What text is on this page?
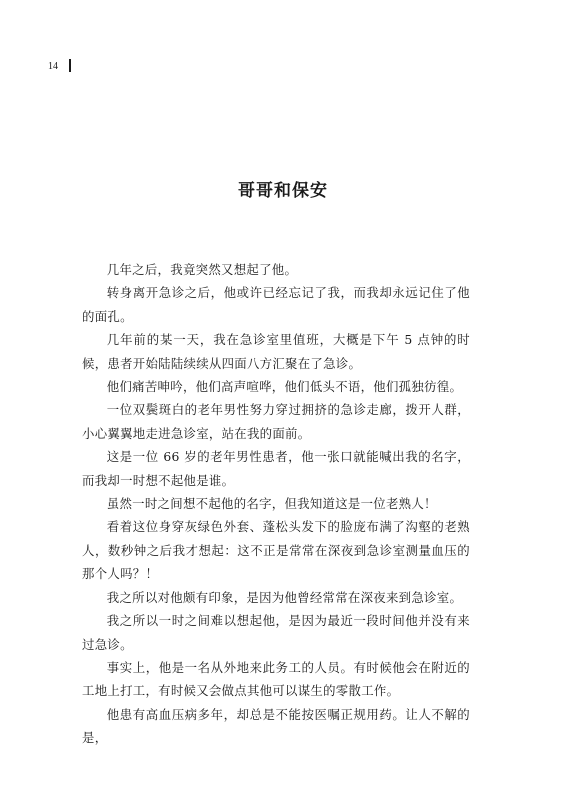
14
哥哥和保安

几年之后，我竟突然又想起了他。

转身离开急诊之后，他或许已经忘记了我，而我却永远记住了他的面孔。

几年前的某一天，我在急诊室里值班，大概是下午 5 点钟的时候，患者开始陆陆续续从四面八方汇聚在了急诊。

他们痛苦呻吟，他们高声喧哗，他们低头不语，他们孤独彷徨。

一位双鬓斑白的老年男性努力穿过拥挤的急诊走廊，拨开人群，小心翼翼地走进急诊室，站在我的面前。

这是一位 66 岁的老年男性患者，他一张口就能喊出我的名字，而我却一时想不起他是谁。

虽然一时之间想不起他的名字，但我知道这是一位老熟人！

看着这位身穿灰绿色外套、蓬松头发下的脸庞布满了沟壑的老熟人，数秒钟之后我才想起：这不正是常常在深夜到急诊室测量血压的那个人吗？！

我之所以对他颇有印象，是因为他曾经常常在深夜来到急诊室。

我之所以一时之间难以想起他，是因为最近一段时间他并没有来过急诊。

事实上，他是一名从外地来此务工的人员。有时候他会在附近的工地上打工，有时候又会做点其他可以谋生的零散工作。

他患有高血压病多年，却总是不能按医嘱正规用药。让人不解的是，
